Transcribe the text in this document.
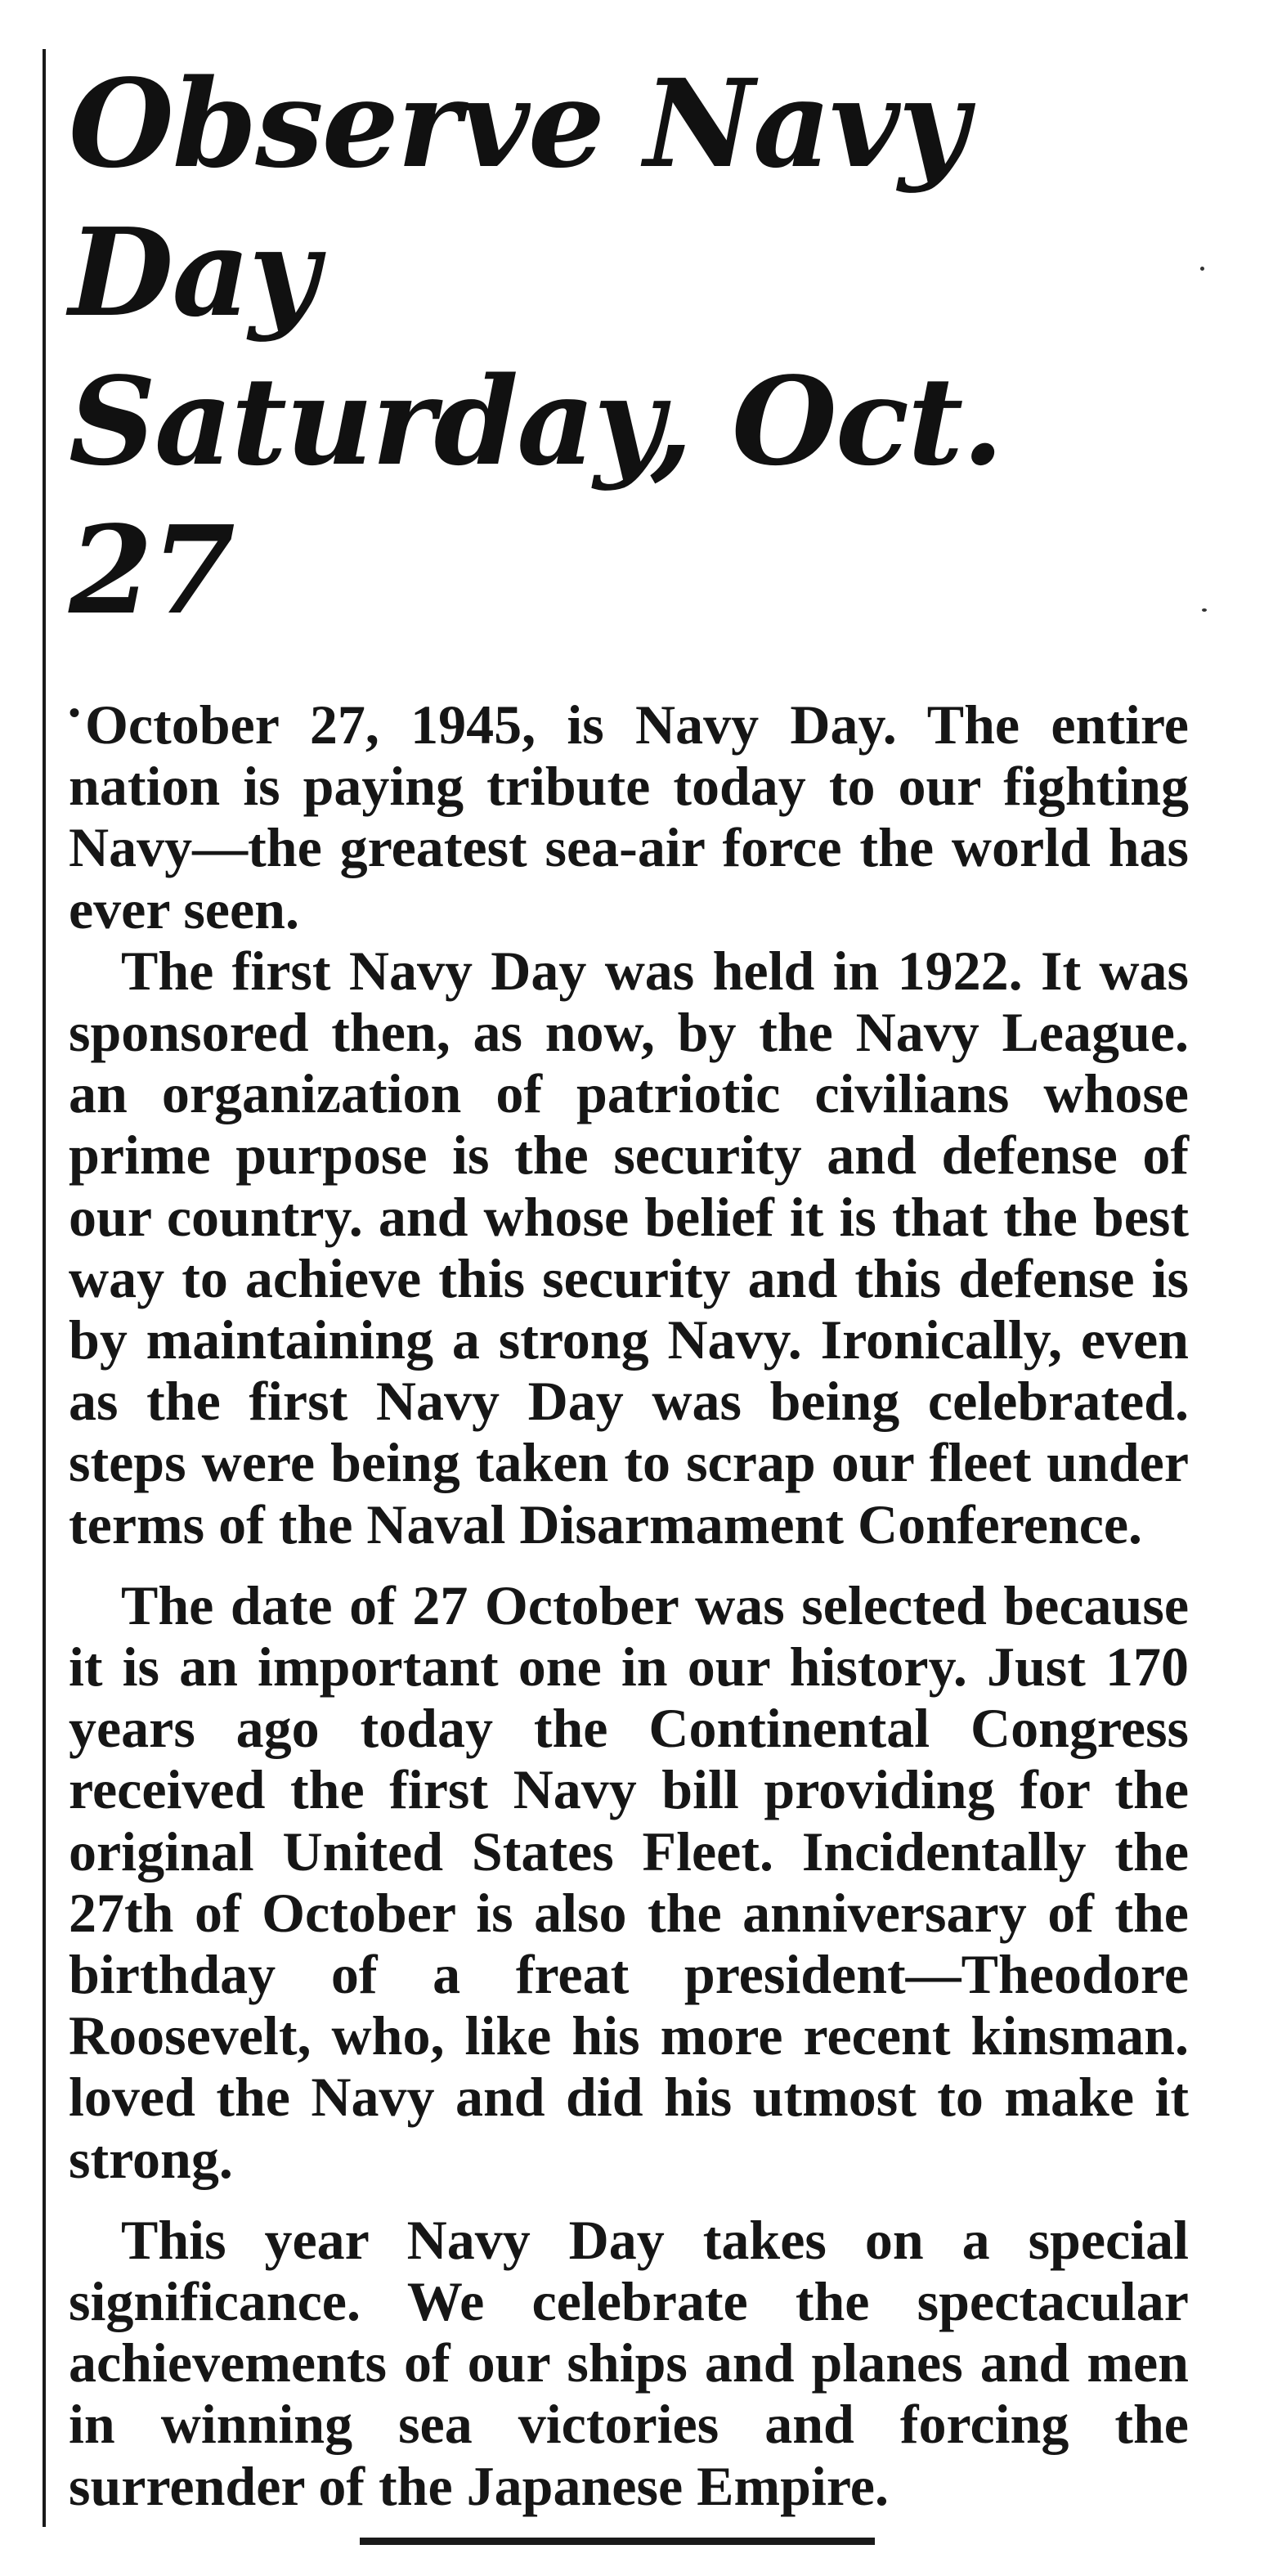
Observe Navy Day
Saturday, Oct. 27

•October 27, 1945, is Navy Day. The entire nation is paying tribute today to our fighting Navy—the greatest sea-air force the world has ever seen.

The first Navy Day was held in 1922. It was sponsored then, as now, by the Navy League. an organization of patriotic civilians whose prime purpose is the security and defense of our country. and whose belief it is that the best way to achieve this security and this defense is by maintaining a strong Navy. Ironically, even as the first Navy Day was being celebrated. steps were being taken to scrap our fleet under terms of the Naval Disarmament Conference.

The date of 27 October was selected because it is an important one in our history. Just 170 years ago today the Continental Congress received the first Navy bill providing for the original United States Fleet. Incidentally the 27th of October is also the anniversary of the birthday of a freat president—Theodore Roosevelt, who, like his more recent kinsman. loved the Navy and did his utmost to make it strong.

This year Navy Day takes on a special significance. We celebrate the spectacular achievements of our ships and planes and men in winning sea victories and forcing the surrender of the Japanese Empire.
